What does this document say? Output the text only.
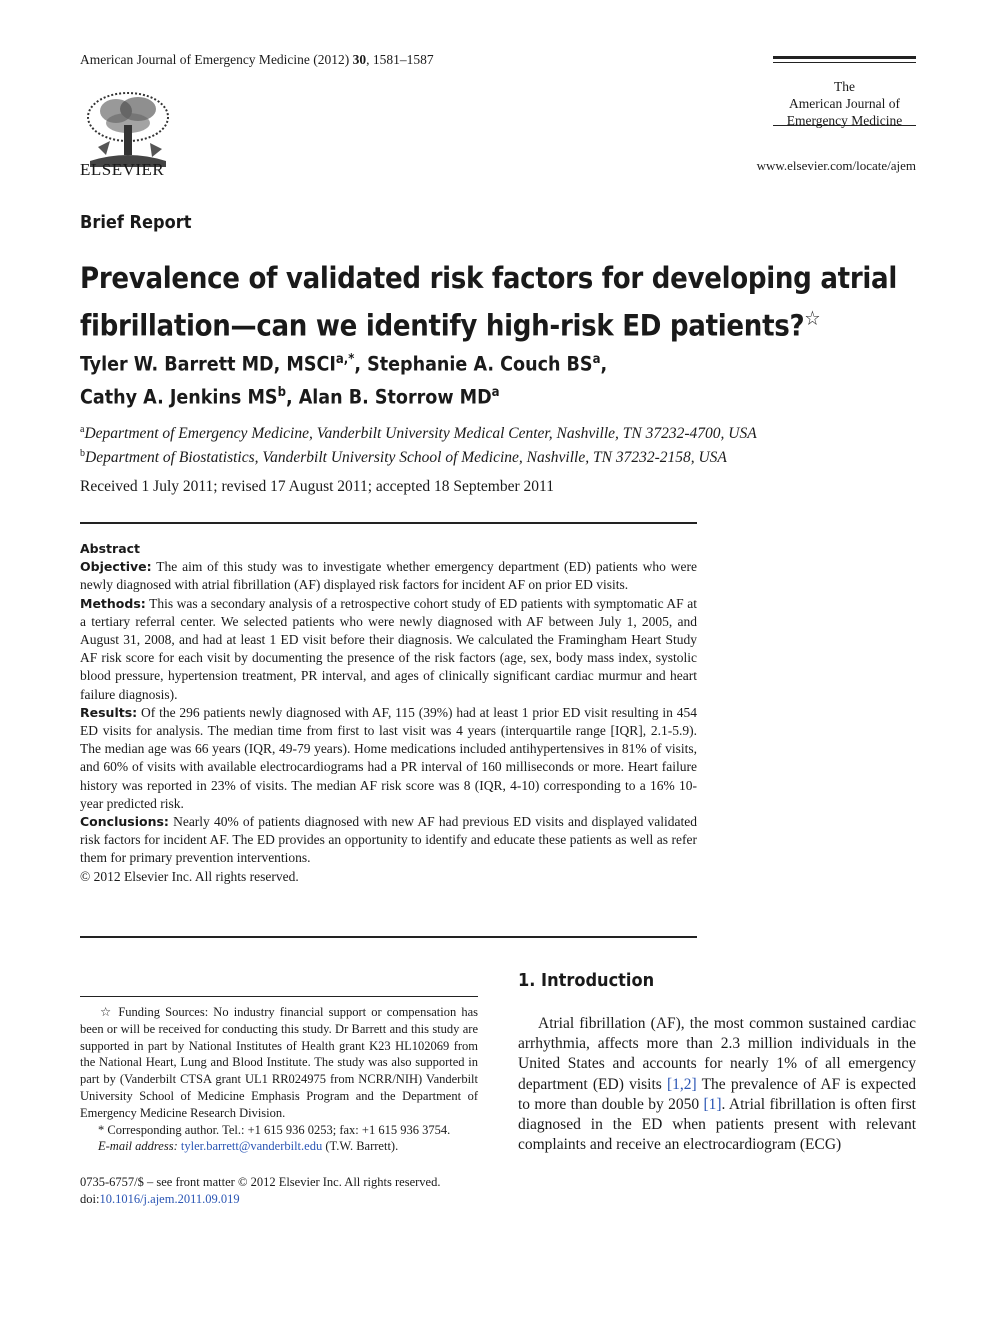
American Journal of Emergency Medicine (2012) 30, 1581–1587
ELSEVIER
The
American Journal of
Emergency Medicine
www.elsevier.com/locate/ajem
Brief Report
Prevalence of validated risk factors for developing atrial
fibrillation—can we identify high-risk ED patients?☆
Tyler W. Barrett MD, $MSCI^{a,*}$, Stephanie A. Couch $BS^a$,
Cathy A. Jenkins $MS^b$, Alan B. Storrow $MD^a$
$^a$Department of Emergency Medicine, Vanderbilt University Medical Center, Nashville, TN 37232-4700, USA
$^b$Department of Biostatistics, Vanderbilt University School of Medicine, Nashville, TN 37232-2158, USA
Received 1 July 2011; revised 17 August 2011; accepted 18 September 2011

Abstract

Objective: The aim of this study was to investigate whether emergency department (ED) patients who were newly diagnosed with atrial fibrillation (AF) displayed risk factors for incident AF on prior ED visits.

Methods: This was a secondary analysis of a retrospective cohort study of ED patients with symptomatic AF at a tertiary referral center. We selected patients who were newly diagnosed with AF between July 1, 2005, and August 31, 2008, and had at least 1 ED visit before their diagnosis. We calculated the Framingham Heart Study AF risk score for each visit by documenting the presence of the risk factors (age, sex, body mass index, systolic blood pressure, hypertension treatment, PR interval, and ages of clinically significant cardiac murmur and heart failure diagnosis).

Results: Of the 296 patients newly diagnosed with AF, 115 (39%) had at least 1 prior ED visit resulting in 454 ED visits for analysis. The median time from first to last visit was 4 years (interquartile range [IQR], 2.1-5.9). The median age was 66 years (IQR, 49-79 years). Home medications included antihypertensives in 81% of visits, and 60% of visits with available electrocardiograms had a PR interval of 160 milliseconds or more. Heart failure history was reported in 23% of visits. The median AF risk score was 8 (IQR, 4-10) corresponding to a 16% 10-year predicted risk.

Conclusions: Nearly 40% of patients diagnosed with new AF had previous ED visits and displayed validated risk factors for incident AF. The ED provides an opportunity to identify and educate these patients as well as refer them for primary prevention interventions.

© 2012 Elsevier Inc. All rights reserved.

1. Introduction
Atrial fibrillation (AF), the most common sustained cardiac arrhythmia, affects more than 2.3 million individuals in the United States and accounts for nearly 1% of all emergency department (ED) visits [1,2] The prevalence of AF is expected to more than double by 2050 [1]. Atrial fibrillation is often first diagnosed in the ED when patients present with relevant complaints and receive an electrocardiogram (ECG)

☆ Funding Sources: No industry financial support or compensation has been or will be received for conducting this study. Dr Barrett and this study are supported in part by National Institutes of Health grant K23 HL102069 from the National Heart, Lung and Blood Institute. The study was also supported in part by (Vanderbilt CTSA grant UL1 RR024975 from NCRR/NIH) Vanderbilt University School of Medicine Emphasis Program and the Department of Emergency Medicine Research Division.

* Corresponding author. Tel.: +1 615 936 0253; fax: +1 615 936 3754.

E-mail address: tyler.barrett@vanderbilt.edu (T.W. Barrett).

0735-6757/$ – see front matter © 2012 Elsevier Inc. All rights reserved.

doi:10.1016/j.ajem.2011.09.019
